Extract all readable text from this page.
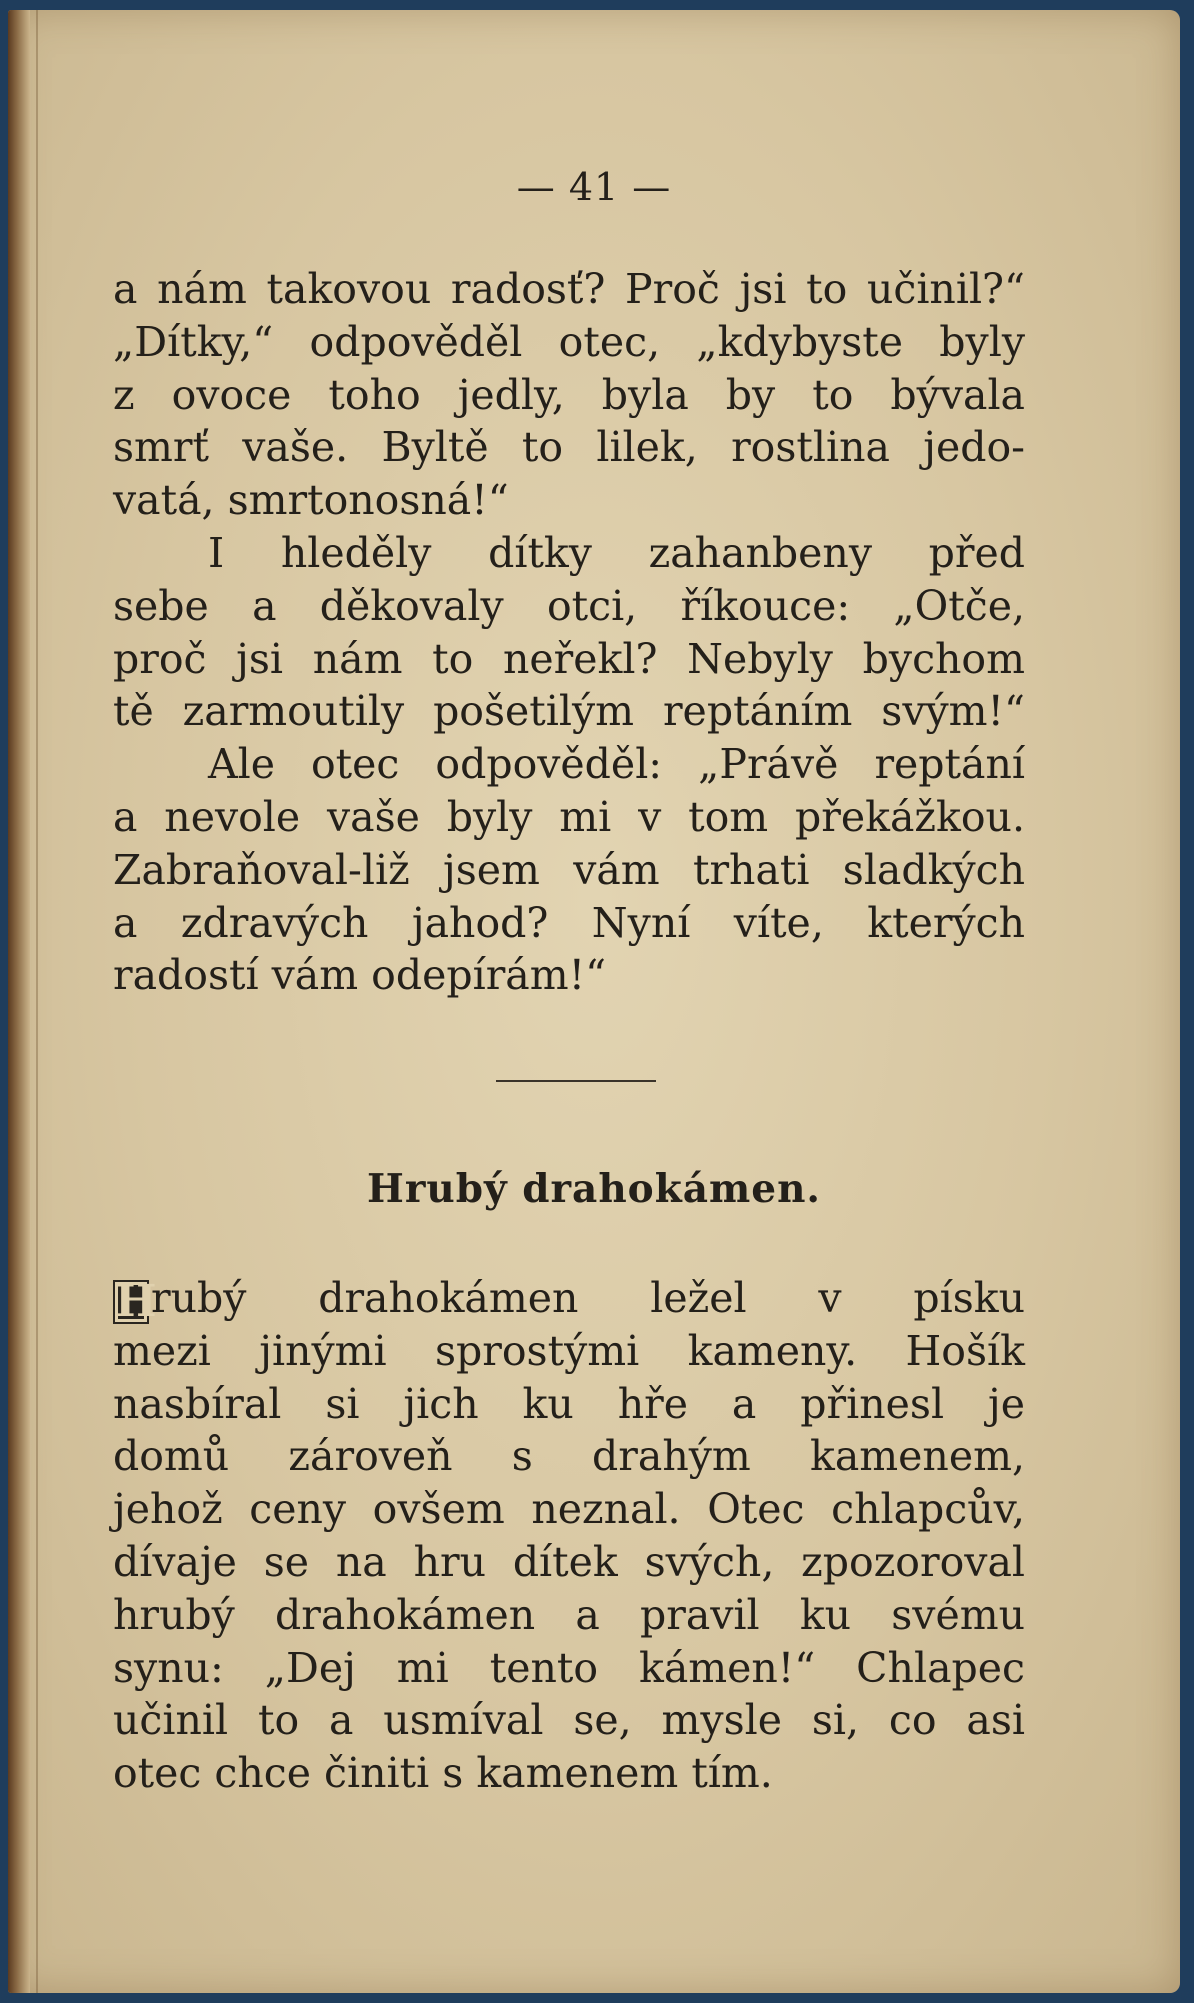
— 41 —
a nám takovou radosť? Proč jsi to učinil?“
„Dítky,“ odpověděl otec, „kdybyste byly
z ovoce toho jedly, byla by to bývala
smrť vaše. Byltě to lilek, rostlina jedo-
vatá, smrtonosná!“
I hleděly dítky zahanbeny před
sebe a děkovaly otci, říkouce: „Otče,
proč jsi nám to neřekl? Nebyly bychom
tě zarmoutily pošetilým reptáním svým!“
Ale otec odpověděl: „Právě reptání
a nevole vaše byly mi v tom překážkou.
Zabraňoval-liž jsem vám trhati sladkých
a zdravých jahod? Nyní víte, kterých
radostí vám odepírám!“
Hrubý drahokámen.
Hrubý drahokámen ležel v písku
mezi jinými sprostými kameny. Hošík
nasbíral si jich ku hře a přinesl je
domů zároveň s drahým kamenem,
jehož ceny ovšem neznal. Otec chlapcův,
dívaje se na hru dítek svých, zpozoroval
hrubý drahokámen a pravil ku svému
synu: „Dej mi tento kámen!“ Chlapec
učinil to a usmíval se, mysle si, co asi
otec chce činiti s kamenem tím.
